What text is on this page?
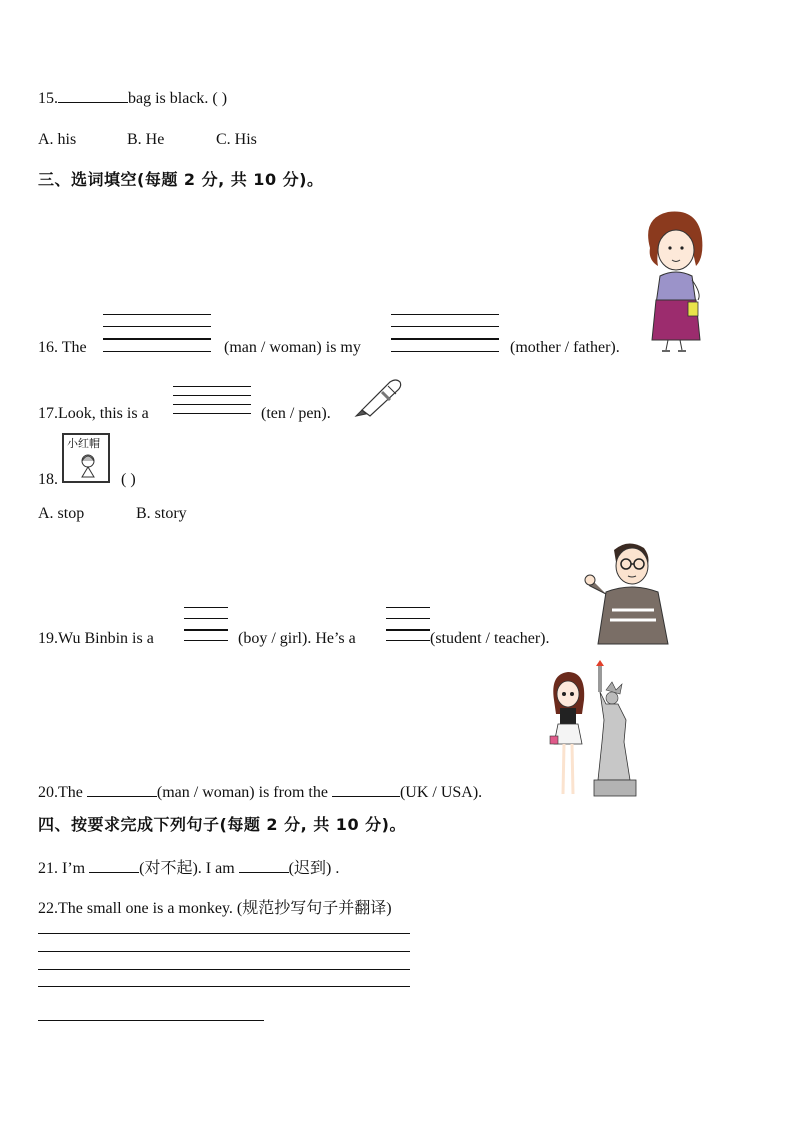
15.	bag is black. ( )
A. his	B. He	C. His
三、选词填空(每题 2 分, 共 10 分)。
16. The	(man / woman) is my	(mother / father).
17.Look, this is a	(ten / pen).
18.
小红帽
( )
A. stop	B. story
19.Wu Binbin is a	(boy / girl). He’s a	(student / teacher).
20.The	(man / woman) is from the	(UK / USA).
四、按要求完成下列句子(每题 2 分, 共 10 分)。
21. I’m	(对不起). I am	(迟到) .
22.The small one is a monkey. (规范抄写句子并翻译)
